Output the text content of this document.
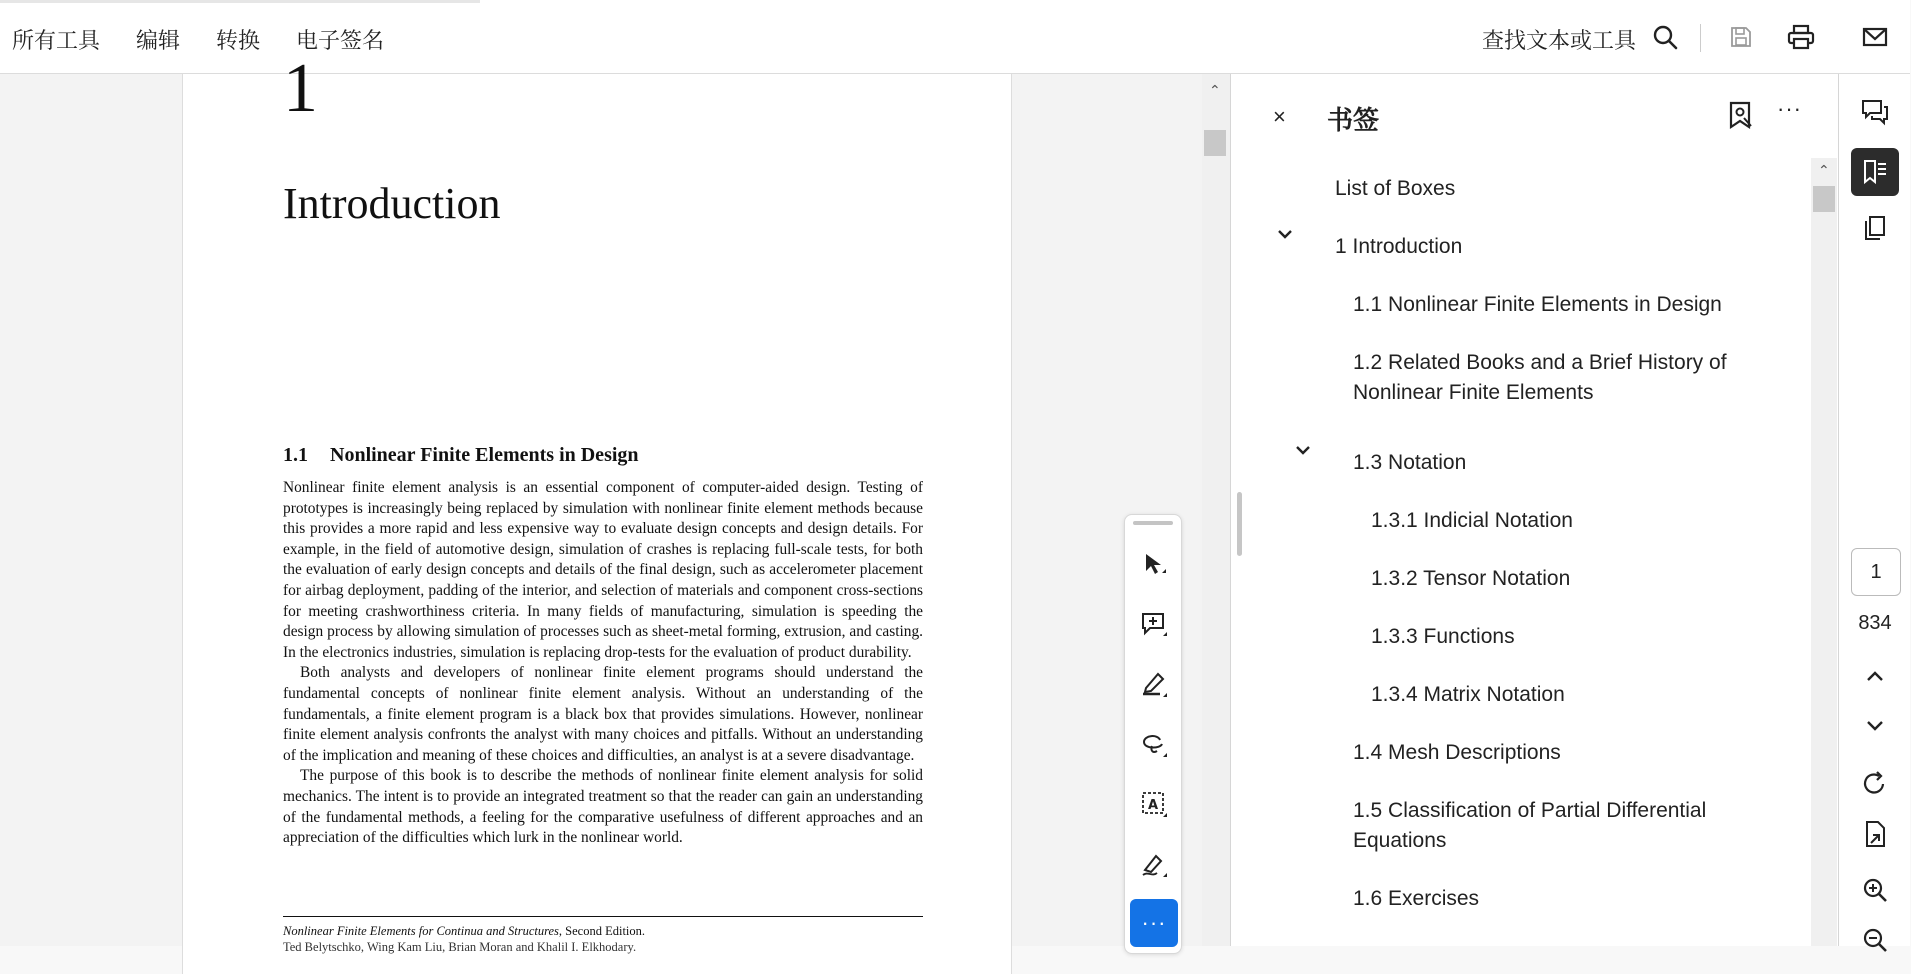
所有工具 编辑 转换 电子签名	查找文本或工具
1
Introduction
1.1 Nonlinear Finite Elements in Design

Nonlinear finite element analysis is an essential component of computer-aided design. Testing of prototypes is increasingly being replaced by simulation with nonlinear finite element methods because this provides a more rapid and less expensive way to evaluate design concepts and design details. For example, in the field of automotive design, simulation of crashes is replacing full-scale tests, for both the evaluation of early design concepts and details of the final design, such as accelerometer placement for airbag deployment, padding of the interior, and selection of materials and component cross-sections for meeting crashworthiness criteria. In many fields of manufacturing, simulation is speeding the design process by allowing simulation of processes such as sheet-metal forming, extrusion, and casting. In the electronics industries, simulation is replacing drop-tests for the evaluation of product durability.

Both analysts and developers of nonlinear finite element programs should understand the fundamental concepts of nonlinear finite element analysis. Without an understanding of the fundamentals, a finite element program is a black box that provides simulations. However, nonlinear finite element analysis confronts the analyst with many choices and pitfalls. Without an understanding of the implication and meaning of these choices and difficulties, an analyst is at a severe disadvantage.

The purpose of this book is to describe the methods of nonlinear finite element analysis for solid mechanics. The intent is to provide an integrated treatment so that the reader can gain an understanding of the fundamental methods, a feeling for the comparative usefulness of different approaches and an appreciation of the difficulties which lurk in the nonlinear world.

Nonlinear Finite Elements for Continua and Structures, Second Edition.
Ted Belytschko, Wing Kam Liu, Brian Moran and Khalil I. Elkhodary.
⌃
A
···
× 书签	···
List of Boxes
1 Introduction
1.1 Nonlinear Finite Elements in Design
1.2 Related Books and a Brief History of
Nonlinear Finite Elements
1.3 Notation
1.3.1 Indicial Notation
1.3.2 Tensor Notation
1.3.3 Functions
1.3.4 Matrix Notation
1.4 Mesh Descriptions
1.5 Classification of Partial Differential
Equations
1.6 Exercises
⌃
1
834
